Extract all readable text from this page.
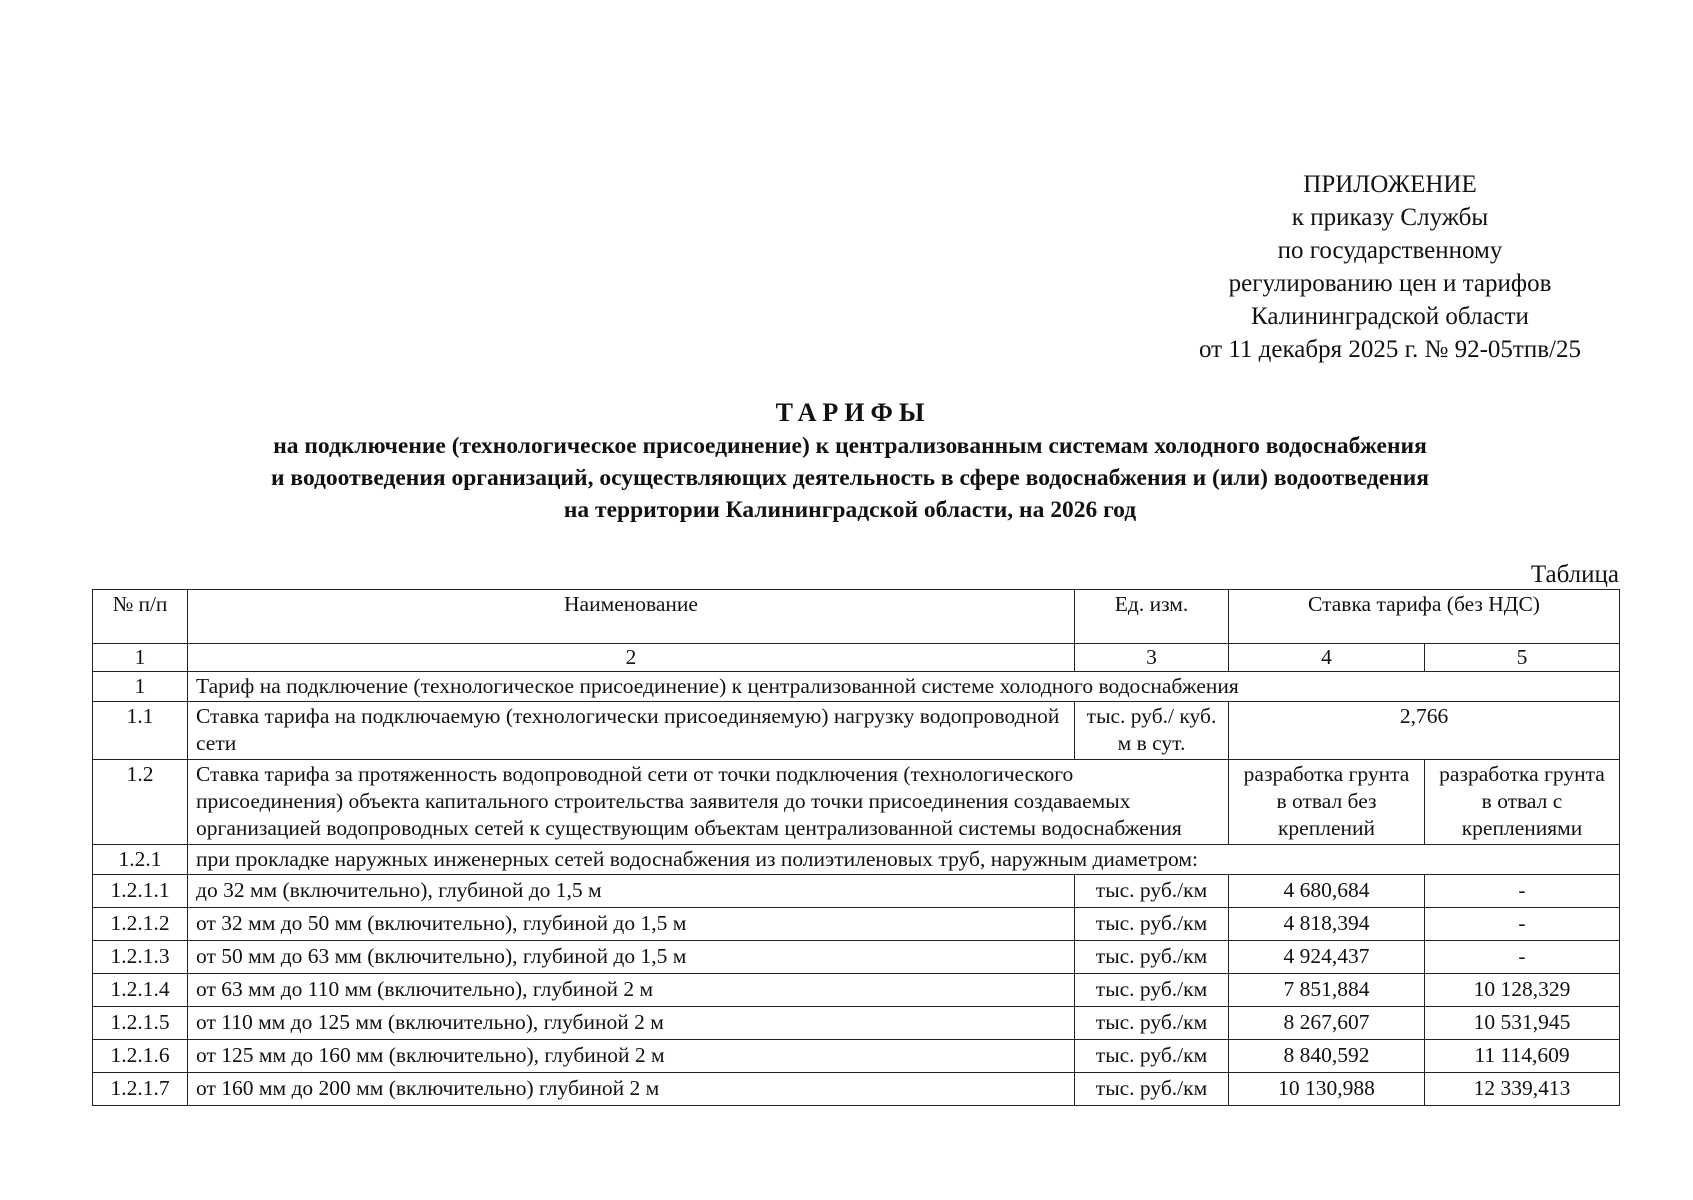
ПРИЛОЖЕНИЕ
к приказу Службы
по государственному
регулированию цен и тарифов
Калининградской области
от 11 декабря 2025 г. № 92-05тпв/25
ТАРИФЫ
на подключение (технологическое присоединение) к централизованным системам холодного водоснабжения
и водоотведения организаций, осуществляющих деятельность в сфере водоснабжения и (или) водоотведения
на территории Калининградской области, на 2026 год
Таблица
№ п/п	Наименование	Ед. изм.	Ставка тарифа (без НДС)	
1	2	3	4	5
1	Тариф на подключение (технологическое присоединение) к централизованной системе холодного водоснабжения			
1.1	Ставка тарифа на подключаемую (технологически присоединяемую) нагрузку водопроводной сети	тыс. руб./ куб. м в сут.	2,766	
1.2	Ставка тарифа за протяженность водопроводной сети от точки подключения (технологического присоединения) объекта капитального строительства заявителя до точки присоединения создаваемых организацией водопроводных сетей к существующим объектам централизованной системы водоснабжения		разработка грунта в отвал без креплений	разработка грунта в отвал с креплениями
1.2.1	при прокладке наружных инженерных сетей водоснабжения из полиэтиленовых труб, наружным диаметром:			
1.2.1.1	до 32 мм (включительно), глубиной до 1,5 м	тыс. руб./км	4 680,684	-
1.2.1.2	от 32 мм до 50 мм (включительно), глубиной до 1,5 м	тыс. руб./км	4 818,394	-
1.2.1.3	от 50 мм до 63 мм (включительно), глубиной до 1,5 м	тыс. руб./км	4 924,437	-
1.2.1.4	от 63 мм до 110 мм (включительно), глубиной 2 м	тыс. руб./км	7 851,884	10 128,329
1.2.1.5	от 110 мм до 125 мм (включительно), глубиной 2 м	тыс. руб./км	8 267,607	10 531,945
1.2.1.6	от 125 мм до 160 мм (включительно), глубиной 2 м	тыс. руб./км	8 840,592	11 114,609
1.2.1.7	от 160 мм до 200 мм (включительно) глубиной 2 м	тыс. руб./км	10 130,988	12 339,413
